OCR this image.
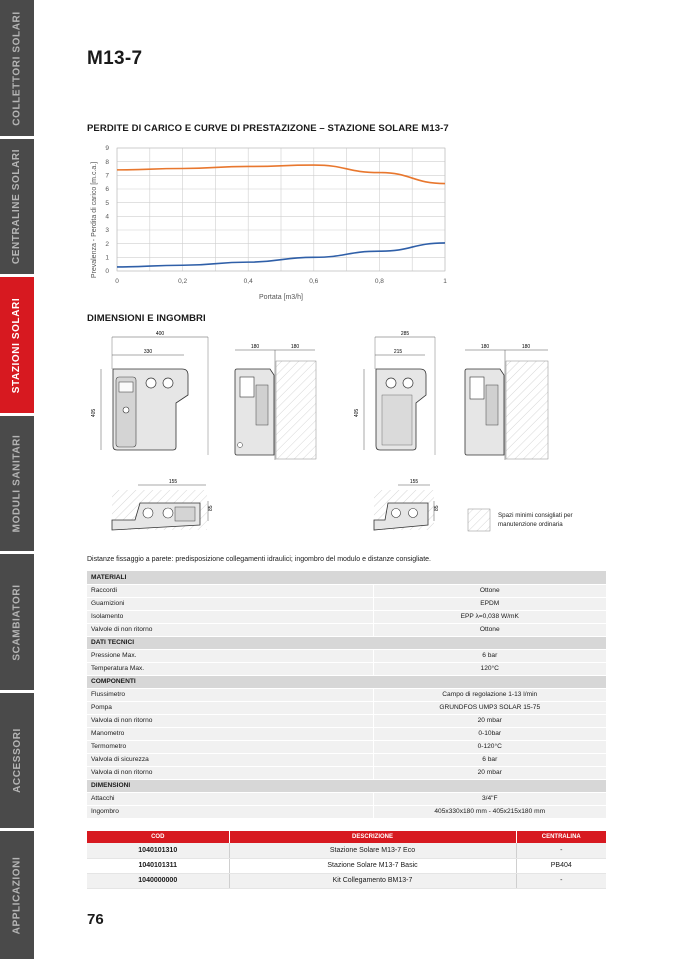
COLLETTORI SOLARI
CENTRALINE SOLARI
STAZIONI SOLARI
MODULI SANITARI
SCAMBIATORI
ACCESSORI
APPLICAZIONI
M13-7
PERDITE DI CARICO E CURVE DI PRESTAZIZONE – STAZIONE SOLARE M13-7
0
1
2
3
4
5
6
7
8
9
0	0,2	0,4	0,6	0,8	1
Prevalenza - Perdita di carico [m.c.a.]
Portata [m3/h]
DIMENSIONI E INGOMBRI
400
330
405
180	180
285
215
405
180	180
155
85
155
85
Spazi minimi consigliati per
manutenzione ordinaria
Distanze fissaggio a parete: predisposizione collegamenti idraulici; ingombro del modulo e distanze consigliate.
MATERIALI	
Raccordi	Ottone
Guarnizioni	EPDM
Isolamento	EPP λ=0,038 W/mK
Valvole di non ritorno	Ottone
DATI TECNICI	
Pressione Max.	6 bar
Temperatura Max.	120°C
COMPONENTI	
Flussimetro	Campo di regolazione 1-13 l/min
Pompa	GRUNDFOS UMP3 SOLAR 15-75
Valvola di non ritorno	20 mbar
Manometro	0-10bar
Termometro	0-120°C
Valvola di sicurezza	6 bar
Valvola di non ritorno	20 mbar
DIMENSIONI	
Attacchi	3/4"F
Ingombro	405x330x180 mm - 405x215x180 mm
COD	DESCRIZIONE	CENTRALINA
1040101310	Stazione Solare M13-7 Eco	-
1040101311	Stazione Solare M13-7 Basic	PB404
1040000000	Kit Collegamento BM13-7	-
76
